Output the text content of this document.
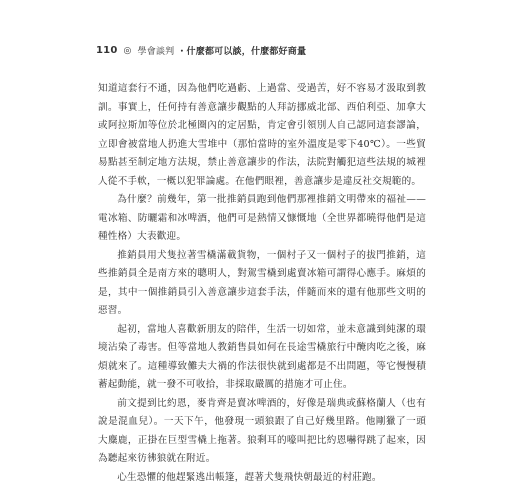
110 ◎ 學會談判 ・什麼都可以談，什麼都好商量

知道這套行不通，因為他們吃過虧、上過當、受過苦，好不容易才汲取到教訓。事實上，任何持有善意讓步觀點的人拜訪挪威北部、西伯利亞、加拿大或阿拉斯加等位於北極圈內的定居點，肯定會引領別人自己認同這套謬論，立即會被當地人扔進大雪堆中（那怕當時的室外溫度是零下40℃）。一些貿易點甚至制定地方法規，禁止善意讓步的作法，法院對觸犯這些法規的城裡人從不手軟，一概以犯罪論處。在他們眼裡，善意讓步是違反社交規範的。

為什麼？前幾年，第一批推銷員跑到他們那裡推銷文明帶來的福祉——電冰箱、防曬霜和冰啤酒，他們可是熱情又慷慨地（全世界都曉得他們是這種性格）大表歡迎。

推銷員用犬隻拉著雪橇滿載貨物，一個村子又一個村子的拔門推銷，這些推銷員全是南方來的聰明人，對駕雪橇到處賣冰箱可謂得心應手。麻煩的是，其中一個推銷員引入善意讓步這套手法，伴隨而來的還有他那些文明的惡習。

起初，當地人喜歡新朋友的陪伴，生活一切如常，並未意識到純潔的環境沾染了毒害。但等當地人教銷售員如何在長途雪橇旅行中醃肉吃之後，麻煩就來了。這種導致儺夫大禍的作法很快就到處都是不出問題，等它慢慢積蓄起動能，就一發不可收拾，非採取嚴厲的措施才可止住。

前文提到比約恩，麥肯齊是賣冰啤酒的，好像是瑞典或蘇格蘭人（也有說是混血兒）。一天下午，他發現一頭狼跟了自己好幾里路。他剛獵了一頭大麋鹿，正掛在巨型雪橇上拖著。狼剩耳的嚎叫把比約恩嚇得跳了起來，因為聽起來彷彿狼就在附近。

心生恐懼的他趕緊逃出帳篷，趕著犬隻飛快朝最近的村莊跑。
